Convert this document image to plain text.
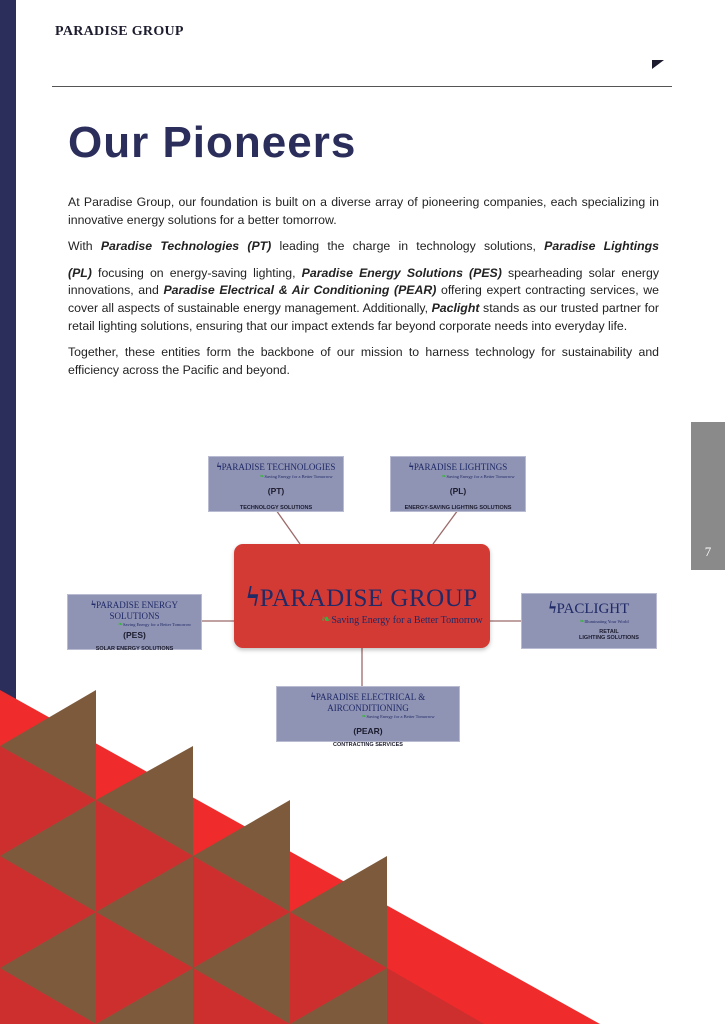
PARADISE GROUP
Our Pioneers

At Paradise Group, our foundation is built on a diverse array of pioneering companies, each specializing in innovative energy solutions for a better tomorrow.

With Paradise Technologies (PT) leading the charge in technology solutions, Paradise Lightings

(PL) focusing on energy-saving lighting, Paradise Energy Solutions (PES) spearheading solar energy innovations, and Paradise Electrical & Air Conditioning (PEAR) offering expert contracting services, we cover all aspects of sustainable energy management. Additionally, Paclight stands as our trusted partner for retail lighting solutions, ensuring that our impact extends far beyond corporate needs into everyday life.

Together, these entities form the backbone of our mission to harness technology for sustainability and efficiency across the Pacific and beyond.

7
ϟPARADISE TECHNOLOGIES
❧Saving Energy for a Better Tomorrow
(PT)
TECHNOLOGY SOLUTIONS
ϟPARADISE LIGHTINGS
❧Saving Energy for a Better Tomorrow
(PL)
ENERGY-SAVING LIGHTING SOLUTIONS
ϟPARADISE ENERGY SOLUTIONS
❧Saving Energy for a Better Tomorrow
(PES)
SOLAR ENERGY SOLUTIONS
ϟPARADISE GROUP
❧Saving Energy for a Better Tomorrow
ϟPACLIGHT
❧Illuminating Your World
RETAIL
LIGHTING SOLUTIONS
ϟPARADISE ELECTRICAL & AIRCONDITIONING
❧Saving Energy for a Better Tomorrow
(PEAR)
CONTRACTING SERVICES
